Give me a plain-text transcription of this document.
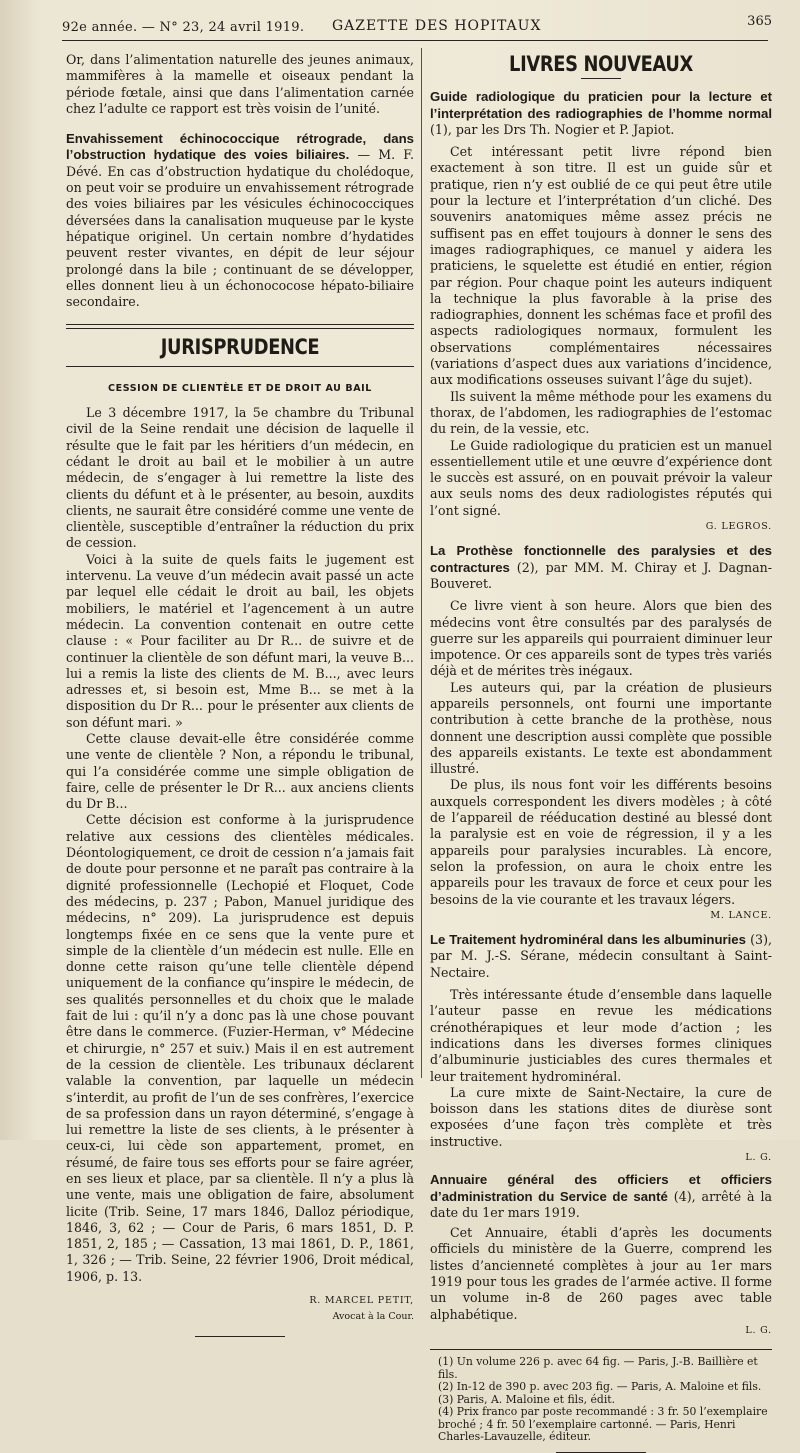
92e année. — N° 23, 24 avril 1919. GAZETTE DES HOPITAUX	365

Or, dans l’alimentation naturelle des jeunes animaux, mammifères à la mamelle et oiseaux pendant la période fœtale, ainsi que dans l’alimentation carnée chez l’adulte ce rapport est très voisin de l’unité.

Envahissement échinococcique rétrograde, dans l’obstruction hydatique des voies biliaires. — M. F. Dévé. En cas d’obstruction hydatique du cholédoque, on peut voir se produire un envahissement rétrograde des voies biliaires par les vésicules échinococciques déversées dans la canalisation muqueuse par le kyste hépatique originel. Un certain nombre d’hydatides peuvent rester vivantes, en dépit de leur séjour prolongé dans la bile ; continuant de se développer, elles donnent lieu à un échonococose hépato-biliaire secondaire.

JURISPRUDENCE
CESSION DE CLIENTÈLE ET DE DROIT AU BAIL

Le 3 décembre 1917, la 5e chambre du Tribunal civil de la Seine rendait une décision de laquelle il résulte que le fait par les héritiers d’un médecin, en cédant le droit au bail et le mobilier à un autre médecin, de s’engager à lui remettre la liste des clients du défunt et à le présenter, au besoin, auxdits clients, ne saurait être considéré comme une vente de clientèle, susceptible d’entraîner la réduction du prix de cession.

Voici à la suite de quels faits le jugement est intervenu. La veuve d’un médecin avait passé un acte par lequel elle cédait le droit au bail, les objets mobiliers, le matériel et l’agencement à un autre médecin. La convention contenait en outre cette clause : « Pour faciliter au Dr R... de suivre et de continuer la clientèle de son défunt mari, la veuve B... lui a remis la liste des clients de M. B..., avec leurs adresses et, si besoin est, Mme B... se met à la disposition du Dr R... pour le présenter aux clients de son défunt mari. »

Cette clause devait-elle être considérée comme une vente de clientèle ? Non, a répondu le tribunal, qui l’a considérée comme une simple obligation de faire, celle de présenter le Dr R... aux anciens clients du Dr B...

Cette décision est conforme à la jurisprudence relative aux cessions des clientèles médicales. Déontologiquement, ce droit de cession n’a jamais fait de doute pour personne et ne paraît pas contraire à la dignité professionnelle (Lechopié et Floquet, Code des médecins, p. 237 ; Pabon, Manuel juridique des médecins, n° 209). La jurisprudence est depuis longtemps fixée en ce sens que la vente pure et simple de la clientèle d’un médecin est nulle. Elle en donne cette raison qu’une telle clientèle dépend uniquement de la confiance qu’inspire le médecin, de ses qualités personnelles et du choix que le malade fait de lui : qu’il n’y a donc pas là une chose pouvant être dans le commerce. (Fuzier-Herman, v° Médecine et chirurgie, n° 257 et suiv.) Mais il en est autrement de la cession de clientèle. Les tribunaux déclarent valable la convention, par laquelle un médecin s’interdit, au profit de l’un de ses confrères, l’exercice de sa profession dans un rayon déterminé, s’engage à lui remettre la liste de ses clients, à le présenter à ceux-ci, lui cède son appartement, promet, en résumé, de faire tous ses efforts pour se faire agréer, en ses lieux et place, par sa clientèle. Il n’y a plus là une vente, mais une obligation de faire, absolument licite (Trib. Seine, 17 mars 1846, Dalloz périodique, 1846, 3, 62 ; — Cour de Paris, 6 mars 1851, D. P. 1851, 2, 185 ; — Cassation, 13 mai 1861, D. P., 1861, 1, 326 ; — Trib. Seine, 22 février 1906, Droit médical, 1906, p. 13.

R. MARCEL PETIT,
Avocat à la Cour.
LIVRES NOUVEAUX

Guide radiologique du praticien pour la lecture et l’interprétation des radiographies de l’homme normal (1), par les Drs Th. Nogier et P. Japiot.

Cet intéressant petit livre répond bien exactement à son titre. Il est un guide sûr et pratique, rien n’y est oublié de ce qui peut être utile pour la lecture et l’interprétation d’un cliché. Des souvenirs anatomiques même assez précis ne suffisent pas en effet toujours à donner le sens des images radiographiques, ce manuel y aidera les praticiens, le squelette est étudié en entier, région par région. Pour chaque point les auteurs indiquent la technique la plus favorable à la prise des radiographies, donnent les schémas face et profil des aspects radiologiques normaux, formulent les observations complémentaires nécessaires (variations d’aspect dues aux variations d’incidence, aux modifications osseuses suivant l’âge du sujet).

Ils suivent la même méthode pour les examens du thorax, de l’abdomen, les radiographies de l’estomac du rein, de la vessie, etc.

Le Guide radiologique du praticien est un manuel essentiellement utile et une œuvre d’expérience dont le succès est assuré, on en pouvait prévoir la valeur aux seuls noms des deux radiologistes réputés qui l’ont signé.

G. LEGROS.

La Prothèse fonctionnelle des paralysies et des contractures (2), par MM. M. Chiray et J. Dagnan-Bouveret.

Ce livre vient à son heure. Alors que bien des médecins vont être consultés par des paralysés de guerre sur les appareils qui pourraient diminuer leur impotence. Or ces appareils sont de types très variés déjà et de mérites très inégaux.

Les auteurs qui, par la création de plusieurs appareils personnels, ont fourni une importante contribution à cette branche de la prothèse, nous donnent une description aussi complète que possible des appareils existants. Le texte est abondamment illustré.

De plus, ils nous font voir les différents besoins auxquels correspondent les divers modèles ; à côté de l’appareil de rééducation destiné au blessé dont la paralysie est en voie de régression, il y a les appareils pour paralysies incurables. Là encore, selon la profession, on aura le choix entre les appareils pour les travaux de force et ceux pour les besoins de la vie courante et les travaux légers.

M. LANCE.

Le Traitement hydrominéral dans les albuminuries (3), par M. J.-S. Sérane, médecin consultant à Saint-Nectaire.

Très intéressante étude d’ensemble dans laquelle l’auteur passe en revue les médications crénothérapiques et leur mode d’action ; les indications dans les diverses formes cliniques d’albuminurie justiciables des cures thermales et leur traitement hydrominéral.

La cure mixte de Saint-Nectaire, la cure de boisson dans les stations dites de diurèse sont exposées d’une façon très complète et très instructive.

L. G.

Annuaire général des officiers et officiers d’administration du Service de santé (4), arrêté à la date du 1er mars 1919.

Cet Annuaire, établi d’après les documents officiels du ministère de la Guerre, comprend les listes d’ancienneté complètes à jour au 1er mars 1919 pour tous les grades de l’armée active. Il forme un volume in-8 de 260 pages avec table alphabétique.

L. G.
(1) Un volume 226 p. avec 64 fig. — Paris, J.-B. Baillière et fils.
(2) In-12 de 390 p. avec 203 fig. — Paris, A. Maloine et fils.
(3) Paris, A. Maloine et fils, édit.
(4) Prix franco par poste recommandé : 3 fr. 50 l’exemplaire broché ; 4 fr. 50 l’exemplaire cartonné. — Paris, Henri Charles-Lavauzelle, éditeur.
